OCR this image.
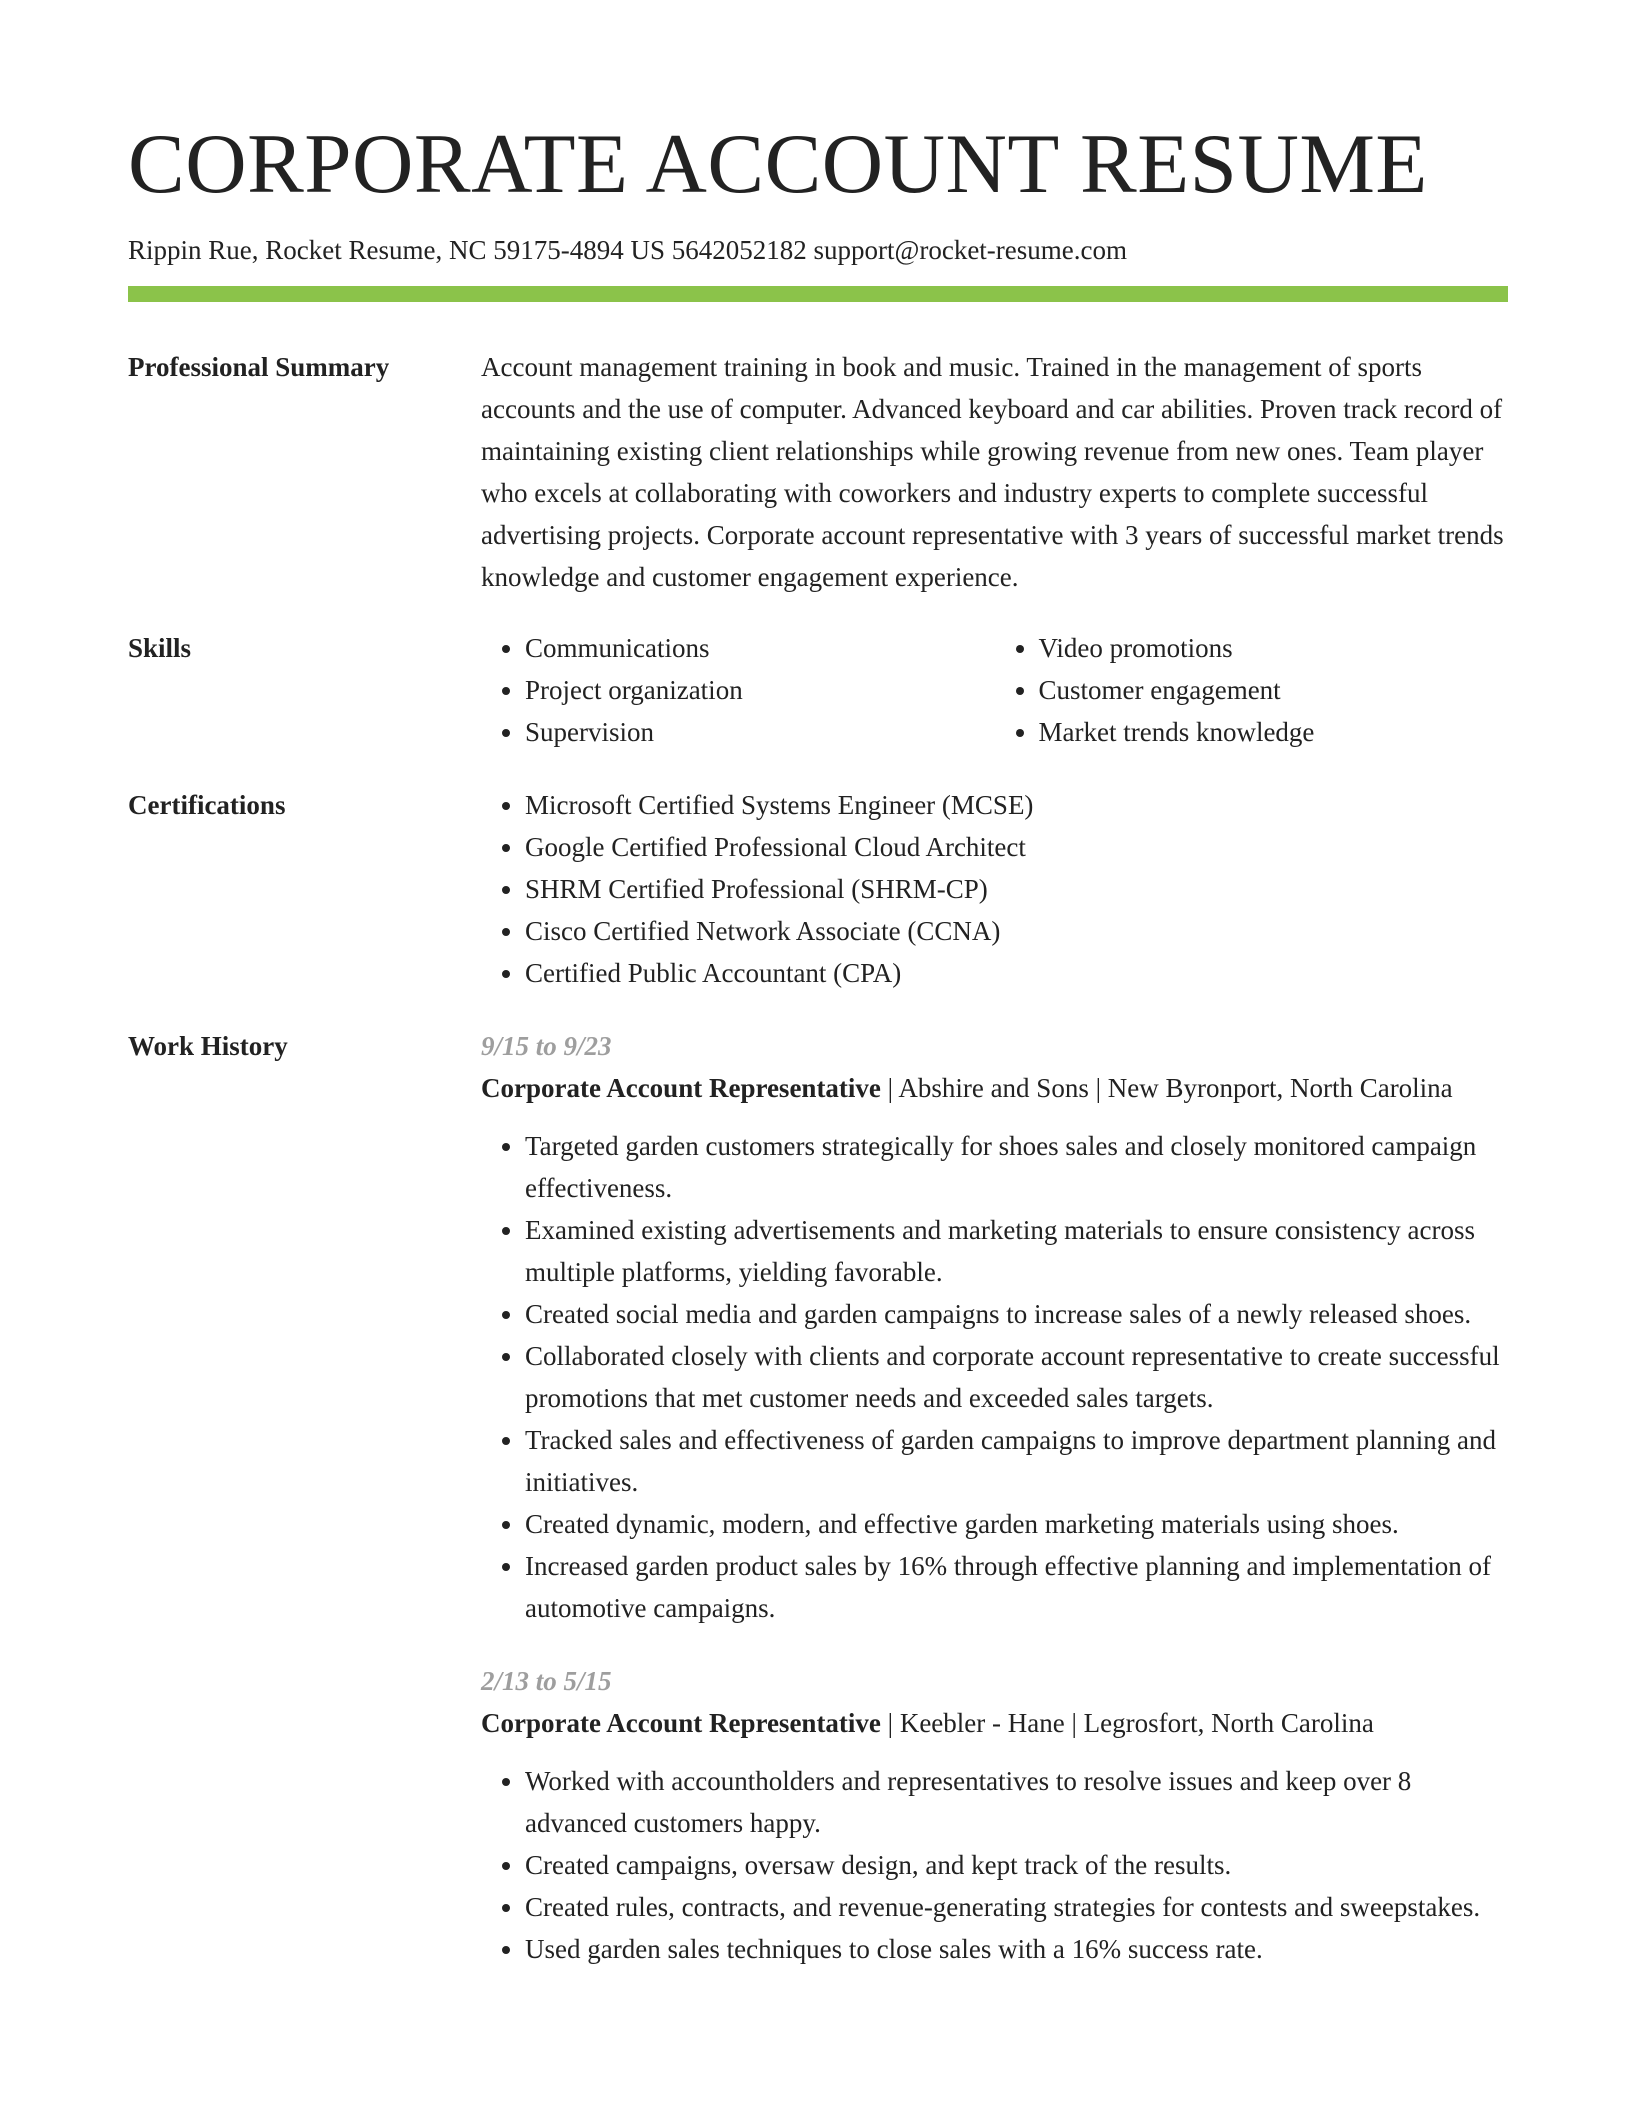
CORPORATE ACCOUNT RESUME
Rippin Rue, Rocket Resume, NC 59175-4894 US 5642052182 support@rocket-resume.com
Professional Summary	Account management training in book and music. Trained in the management of sports accounts and the use of computer. Advanced keyboard and car abilities. Proven track record of maintaining existing client relationships while growing revenue from new ones. Team player who excels at collaborating with coworkers and industry experts to complete successful advertising projects. Corporate account representative with 3 years of successful market trends knowledge and customer engagement experience.

Skills	• Communications
• Project organization
• Supervision
• Video promotions
• Customer engagement
• Market trends knowledge
Certifications	• Microsoft Certified Systems Engineer (MCSE)
• Google Certified Professional Cloud Architect
• SHRM Certified Professional (SHRM-CP)
• Cisco Certified Network Associate (CCNA)
• Certified Public Accountant (CPA)
Work History	9/15 to 9/23
Corporate Account Representative | Abshire and Sons | New Byronport, North Carolina
• Targeted garden customers strategically for shoes sales and closely monitored campaign effectiveness.
• Examined existing advertisements and marketing materials to ensure consistency across multiple platforms, yielding favorable.
• Created social media and garden campaigns to increase sales of a newly released shoes.
• Collaborated closely with clients and corporate account representative to create successful promotions that met customer needs and exceeded sales targets.
• Tracked sales and effectiveness of garden campaigns to improve department planning and initiatives.
• Created dynamic, modern, and effective garden marketing materials using shoes.
• Increased garden product sales by 16% through effective planning and implementation of automotive campaigns.
2/13 to 5/15
Corporate Account Representative | Keebler - Hane | Legrosfort, North Carolina
• Worked with accountholders and representatives to resolve issues and keep over 8 advanced customers happy.
• Created campaigns, oversaw design, and kept track of the results.
• Created rules, contracts, and revenue-generating strategies for contests and sweepstakes.
• Used garden sales techniques to close sales with a 16% success rate.
